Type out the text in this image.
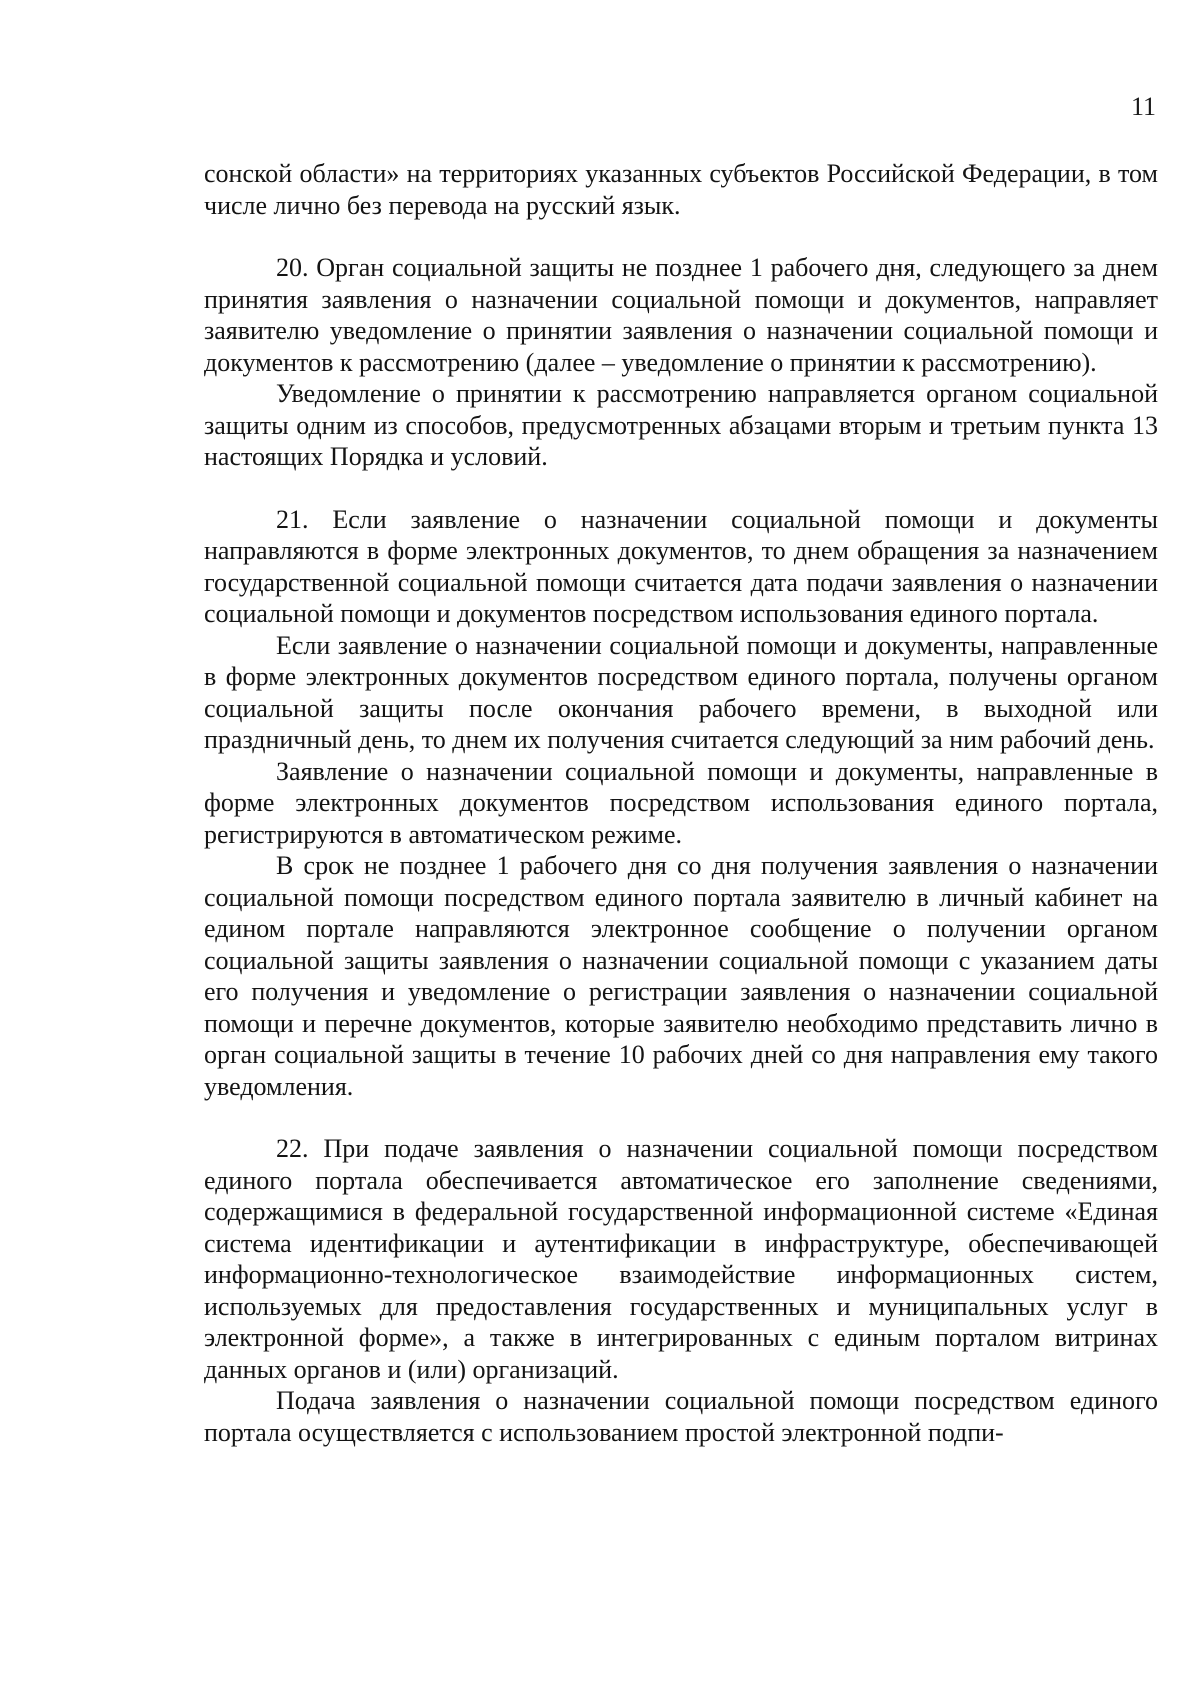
11

сонской области» на территориях указанных субъектов Российской Федерации, в том числе лично без перевода на русский язык.

20. Орган социальной защиты не позднее 1 рабочего дня, следующего за днем принятия заявления о назначении социальной помощи и документов, направляет заявителю уведомление о принятии заявления о назначении социальной помощи и документов к рассмотрению (далее – уведомление о принятии к рассмотрению).

Уведомление о принятии к рассмотрению направляется органом социальной защиты одним из способов, предусмотренных абзацами вторым и третьим пункта 13 настоящих Порядка и условий.

21. Если заявление о назначении социальной помощи и документы направляются в форме электронных документов, то днем обращения за назначением государственной социальной помощи считается дата подачи заявления о назначении социальной помощи и документов посредством использования единого портала.

Если заявление о назначении социальной помощи и документы, направленные в форме электронных документов посредством единого портала, получены органом социальной защиты после окончания рабочего времени, в выходной или праздничный день, то днем их получения считается следующий за ним рабочий день.

Заявление о назначении социальной помощи и документы, направленные в форме электронных документов посредством использования единого портала, регистрируются в автоматическом режиме.

В срок не позднее 1 рабочего дня со дня получения заявления о назначении социальной помощи посредством единого портала заявителю в личный кабинет на едином портале направляются электронное сообщение о получении органом социальной защиты заявления о назначении социальной помощи с указанием даты его получения и уведомление о регистрации заявления о назначении социальной помощи и перечне документов, которые заявителю необходимо представить лично в орган социальной защиты в течение 10 рабочих дней со дня направления ему такого уведомления.

22. При подаче заявления о назначении социальной помощи посредством единого портала обеспечивается автоматическое его заполнение сведениями, содержащимися в федеральной государственной информационной системе «Единая система идентификации и аутентификации в инфраструктуре, обеспечивающей информационно-технологическое взаимодействие информационных систем, используемых для предоставления государственных и муниципальных услуг в электронной форме», а также в интегрированных с единым порталом витринах данных органов и (или) организаций.

Подача заявления о назначении социальной помощи посредством единого портала осуществляется с использованием простой электронной подпи-
